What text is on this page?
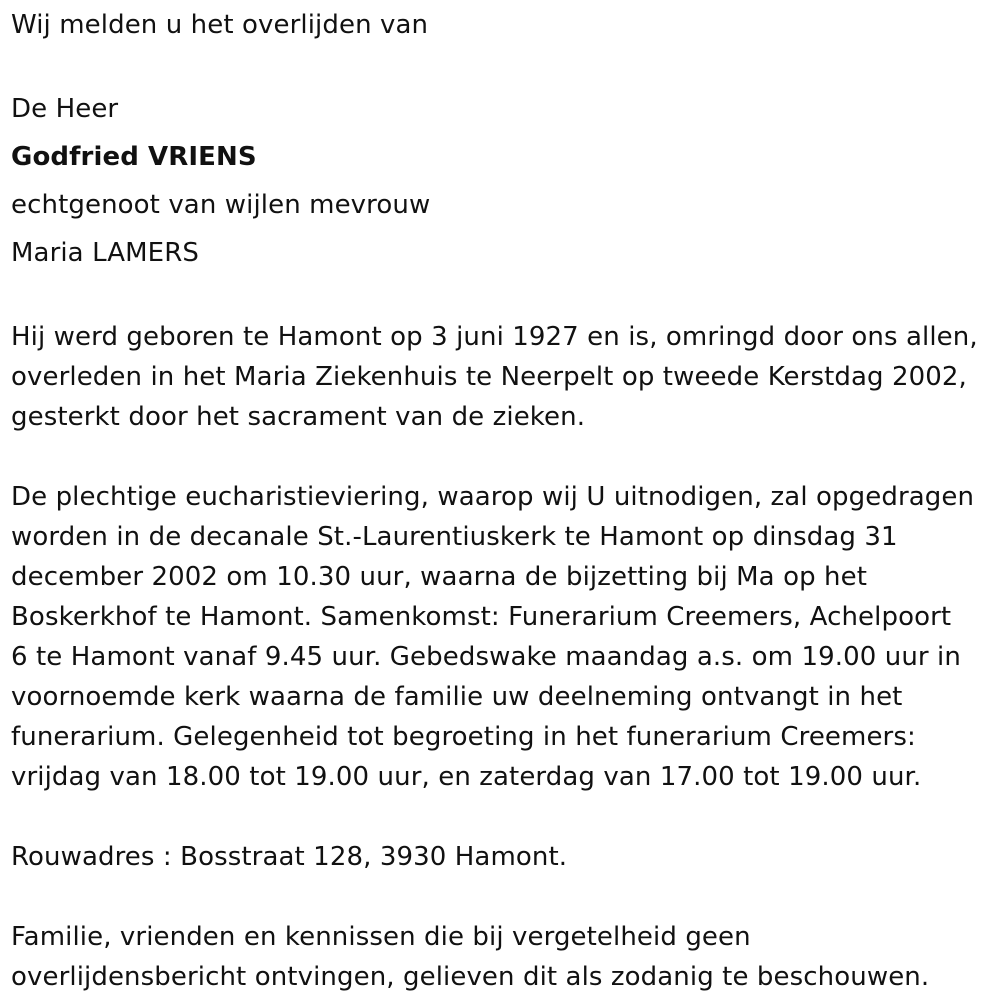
Wij melden u het overlijden van
De Heer
Godfried VRIENS
echtgenoot van wijlen mevrouw
Maria LAMERS
Hij werd geboren te Hamont op 3 juni 1927 en is, omringd door ons allen,
overleden in het Maria Ziekenhuis te Neerpelt op tweede Kerstdag 2002,
gesterkt door het sacrament van de zieken.
De plechtige eucharistieviering, waarop wij U uitnodigen, zal opgedragen
worden in de decanale St.-Laurentiuskerk te Hamont op dinsdag 31
december 2002 om 10.30 uur, waarna de bijzetting bij Ma op het
Boskerkhof te Hamont. Samenkomst: Funerarium Creemers, Achelpoort
6 te Hamont vanaf 9.45 uur. Gebedswake maandag a.s. om 19.00 uur in
voornoemde kerk waarna de familie uw deelneming ontvangt in het
funerarium. Gelegenheid tot begroeting in het funerarium Creemers:
vrijdag van 18.00 tot 19.00 uur, en zaterdag van 17.00 tot 19.00 uur.
Rouwadres : Bosstraat 128, 3930 Hamont.
Familie, vrienden en kennissen die bij vergetelheid geen
overlijdensbericht ontvingen, gelieven dit als zodanig te beschouwen.
